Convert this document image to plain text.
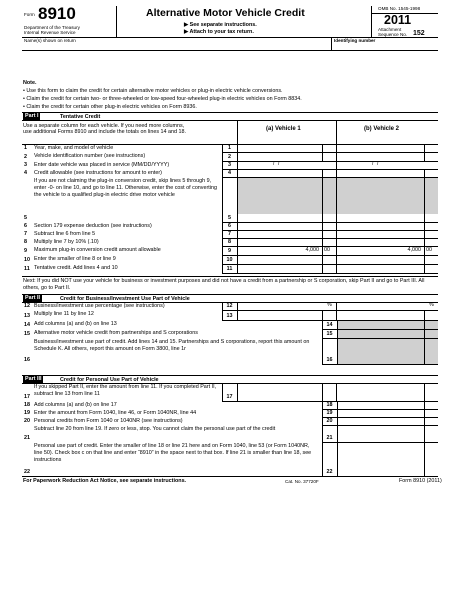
Form 8910
Department of the Treasury
Internal Revenue Service
Alternative Motor Vehicle Credit
▶ See separate instructions.
▶ Attach to your tax return.
OMB No. 1545-1998
2011
Attachment
Sequence No. 152
Name(s) shown on return	Identifying number
Note.
• Use this form to claim the credit for certain alternative motor vehicles or plug-in electric vehicle conversions.
• Claim the credit for certain two- or three-wheeled or low-speed four-wheeled plug-in electric vehicles on Form 8834.
• Claim the credit for certain other plug-in electric vehicles on Form 8936.
Part I	Tentative Credit
Use a separate column for each vehicle. If you need more columns,
use additional Forms 8910 and include the totals on lines 14 and 18.	(a) Vehicle 1	(b) Vehicle 2
1 Year, make, and model of vehicle	1
2 Vehicle identification number (see instructions)	2
3 Enter date vehicle was placed in service (MM/DD/YYYY)	3	/ /	/ /
4 Credit allowable (see instructions for amount to enter)	4
5
If you are not claiming the plug-in conversion credit, skip lines 5 through 9, enter -0- on line 10, and go to line 11. Otherwise, enter the cost of converting the vehicle to a qualified plug-in electric drive motor vehicle
5
6 Section 179 expense deduction (see instructions)	6
7 Subtract line 6 from line 5	7
8 Multiply line 7 by 10% (.10)	8
9 Maximum plug-in conversion credit amount allowable	9	4,000 00	4,000 00
10 Enter the smaller of line 8 or line 9	10
11 Tentative credit. Add lines 4 and 10	11
Next: If you did NOT use your vehicle for business or investment purposes and did not have a credit from a partnership or S corporation, skip Part II and go to Part III. All others, go to Part II.
Part II	Credit for Business/Investment Use Part of Vehicle
12 Business/investment use percentage (see instructions)	12	%	%
13 Multiply line 11 by line 12	13
14 Add columns (a) and (b) on line 13	14
15 Alternative motor vehicle credit from partnerships and S corporations	15
16
Business/investment use part of credit. Add lines 14 and 15. Partnerships and S corporations, report this amount on Schedule K. All others, report this amount on Form 3800, line 1r
16
Part III	Credit for Personal Use Part of Vehicle
17
If you skipped Part II, enter the amount from line 11. If you completed Part II, subtract line 13 from line 11	17
18 Add columns (a) and (b) on line 17	18
19 Enter the amount from Form 1040, line 46, or Form 1040NR, line 44	19
20 Personal credits from Form 1040 or 1040NR (see instructions)	20
21
Subtract line 20 from line 19. If zero or less, stop. You cannot claim the personal use part of the credit
21
22
Personal use part of credit. Enter the smaller of line 18 or line 21 here and on Form 1040, line 53 (or Form 1040NR, line 50). Check box c on that line and enter “8910” in the space next to that box. If line 21 is smaller than line 18, see instructions
22
For Paperwork Reduction Act Notice, see separate instructions.	Cat. No. 37720F	Form 8910 (2011)
